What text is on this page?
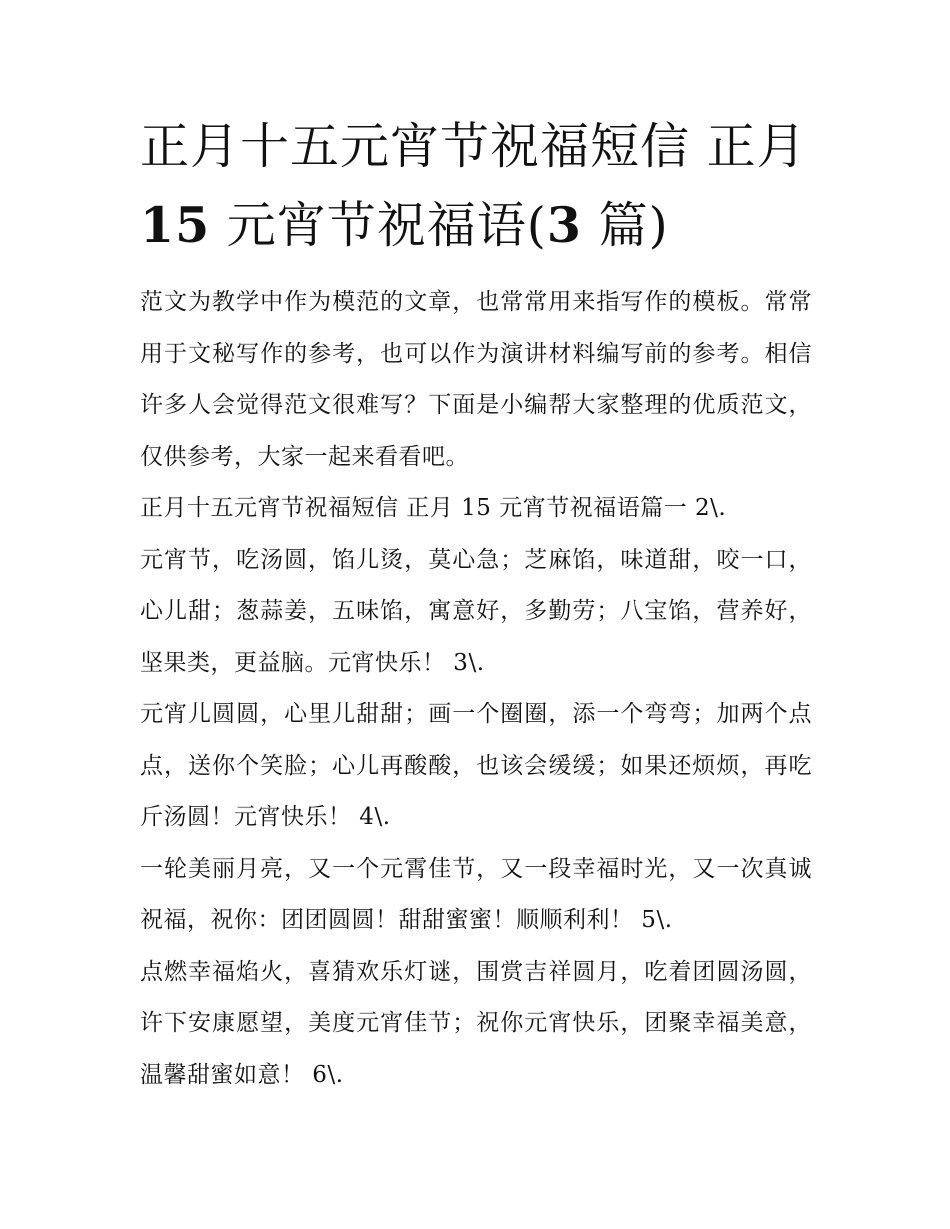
正月十五元宵节祝福短信 正月
15 元宵节祝福语(3 篇)

范文为教学中作为模范的文章，也常常用来指写作的模板。常常用于文秘写作的参考，也可以作为演讲材料编写前的参考。相信许多人会觉得范文很难写？下面是小编帮大家整理的优质范文，仅供参考，大家一起来看看吧。

正月十五元宵节祝福短信 正月 15 元宵节祝福语篇一 2\.

元宵节，吃汤圆，馅儿烫，莫心急；芝麻馅，味道甜，咬一口，心儿甜；葱蒜姜，五味馅，寓意好，多勤劳；八宝馅，营养好，坚果类，更益脑。元宵快乐！ 3\.

元宵儿圆圆，心里儿甜甜；画一个圈圈，添一个弯弯；加两个点点，送你个笑脸；心儿再酸酸，也该会缓缓；如果还烦烦，再吃斤汤圆！元宵快乐！ 4\.

一轮美丽月亮，又一个元霄佳节，又一段幸福时光，又一次真诚祝福，祝你：团团圆圆！甜甜蜜蜜！顺顺利利！ 5\.

点燃幸福焰火，喜猜欢乐灯谜，围赏吉祥圆月，吃着团圆汤圆，许下安康愿望，美度元宵佳节；祝你元宵快乐，团聚幸福美意，温馨甜蜜如意！ 6\.
